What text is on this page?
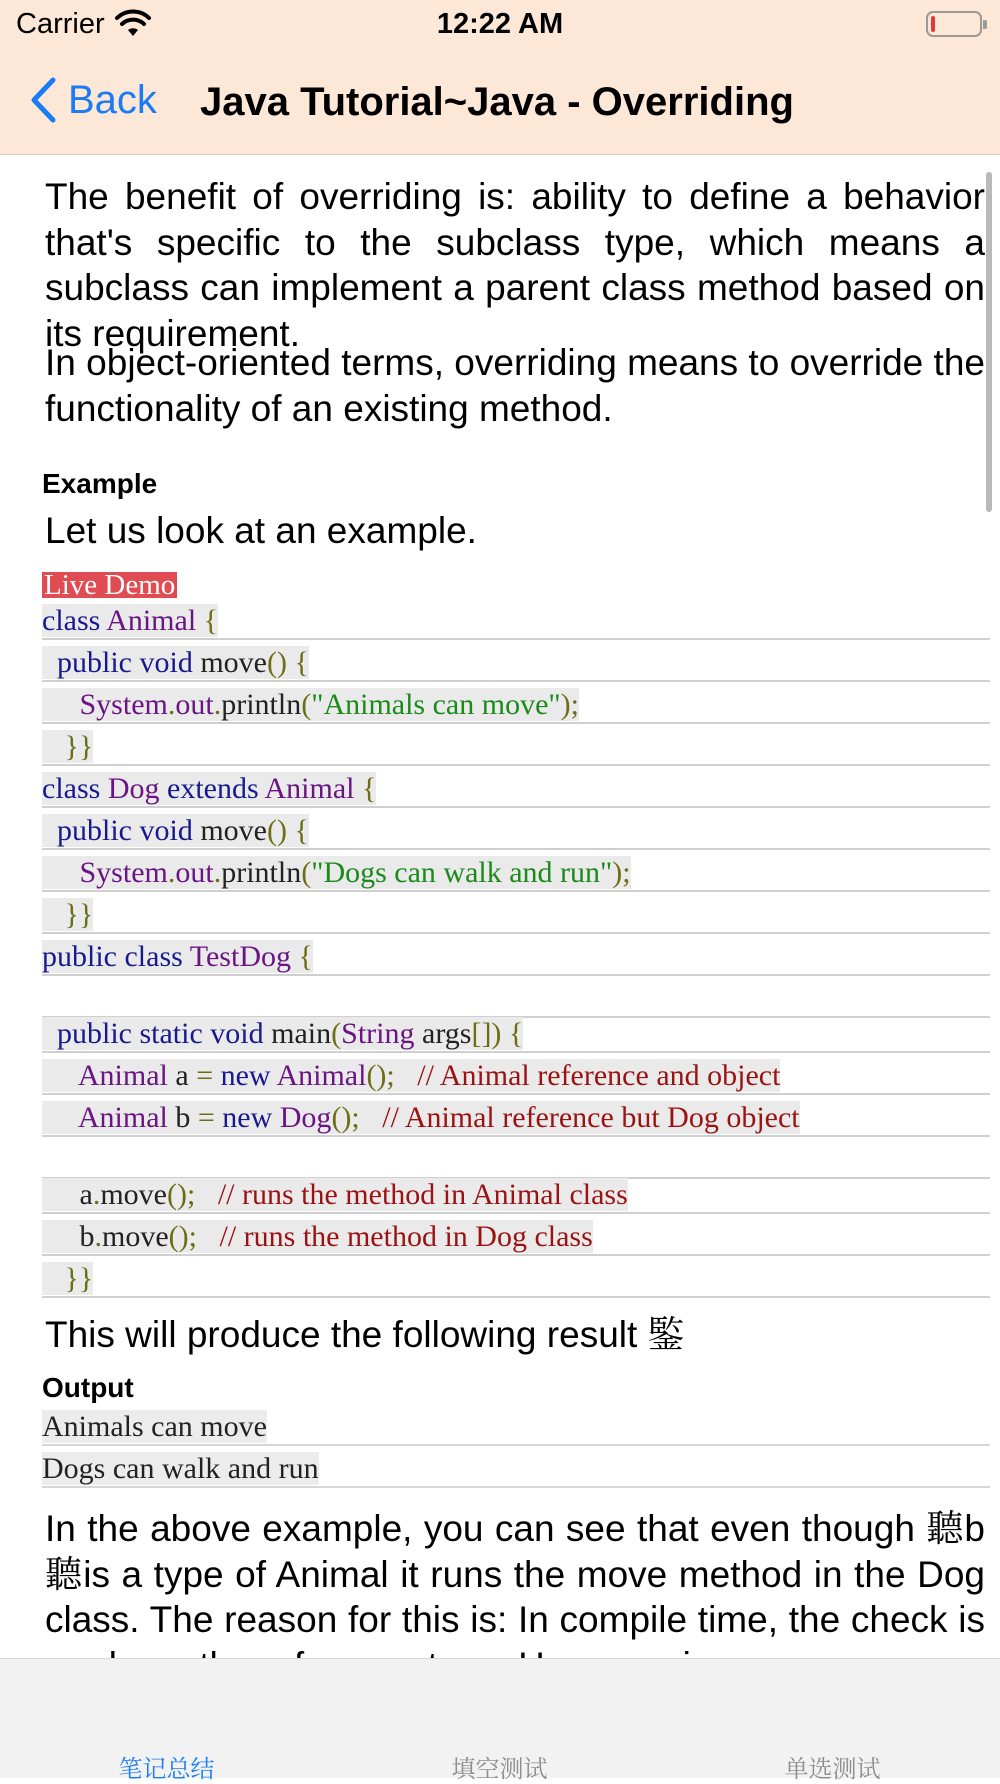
Carrier	12:22 AM
Back Java Tutorial~Java - Overriding
The benefit of overriding is: ability to define a behavior that's specific to the subclass type, which means a subclass can implement a parent class method based on its requirement.
In object-oriented terms, overriding means to override the functionality of an existing method.
Example
Let us look at an example.
Live Demo
class Animal {
public void move() {
System.out.println("Animals can move");
}}
class Dog extends Animal {
public void move() {
System.out.println("Dogs can walk and run");
}}
public class TestDog {
public static void main(String args[]) {
Animal a = new Animal();   // Animal reference and object
Animal b = new Dog();   // Animal reference but Dog object
a.move();   // runs the method in Animal class
b.move();   // runs the method in Dog class
}}
This will produce the following result 鍳
Output
Animals can move
Dogs can walk and run
In the above example, you can see that even though 聽b聽is a type of Animal it runs the move method in the Dog class. The reason for this is: In compile time, the check is
笔记总结	填空测试	单选测试
